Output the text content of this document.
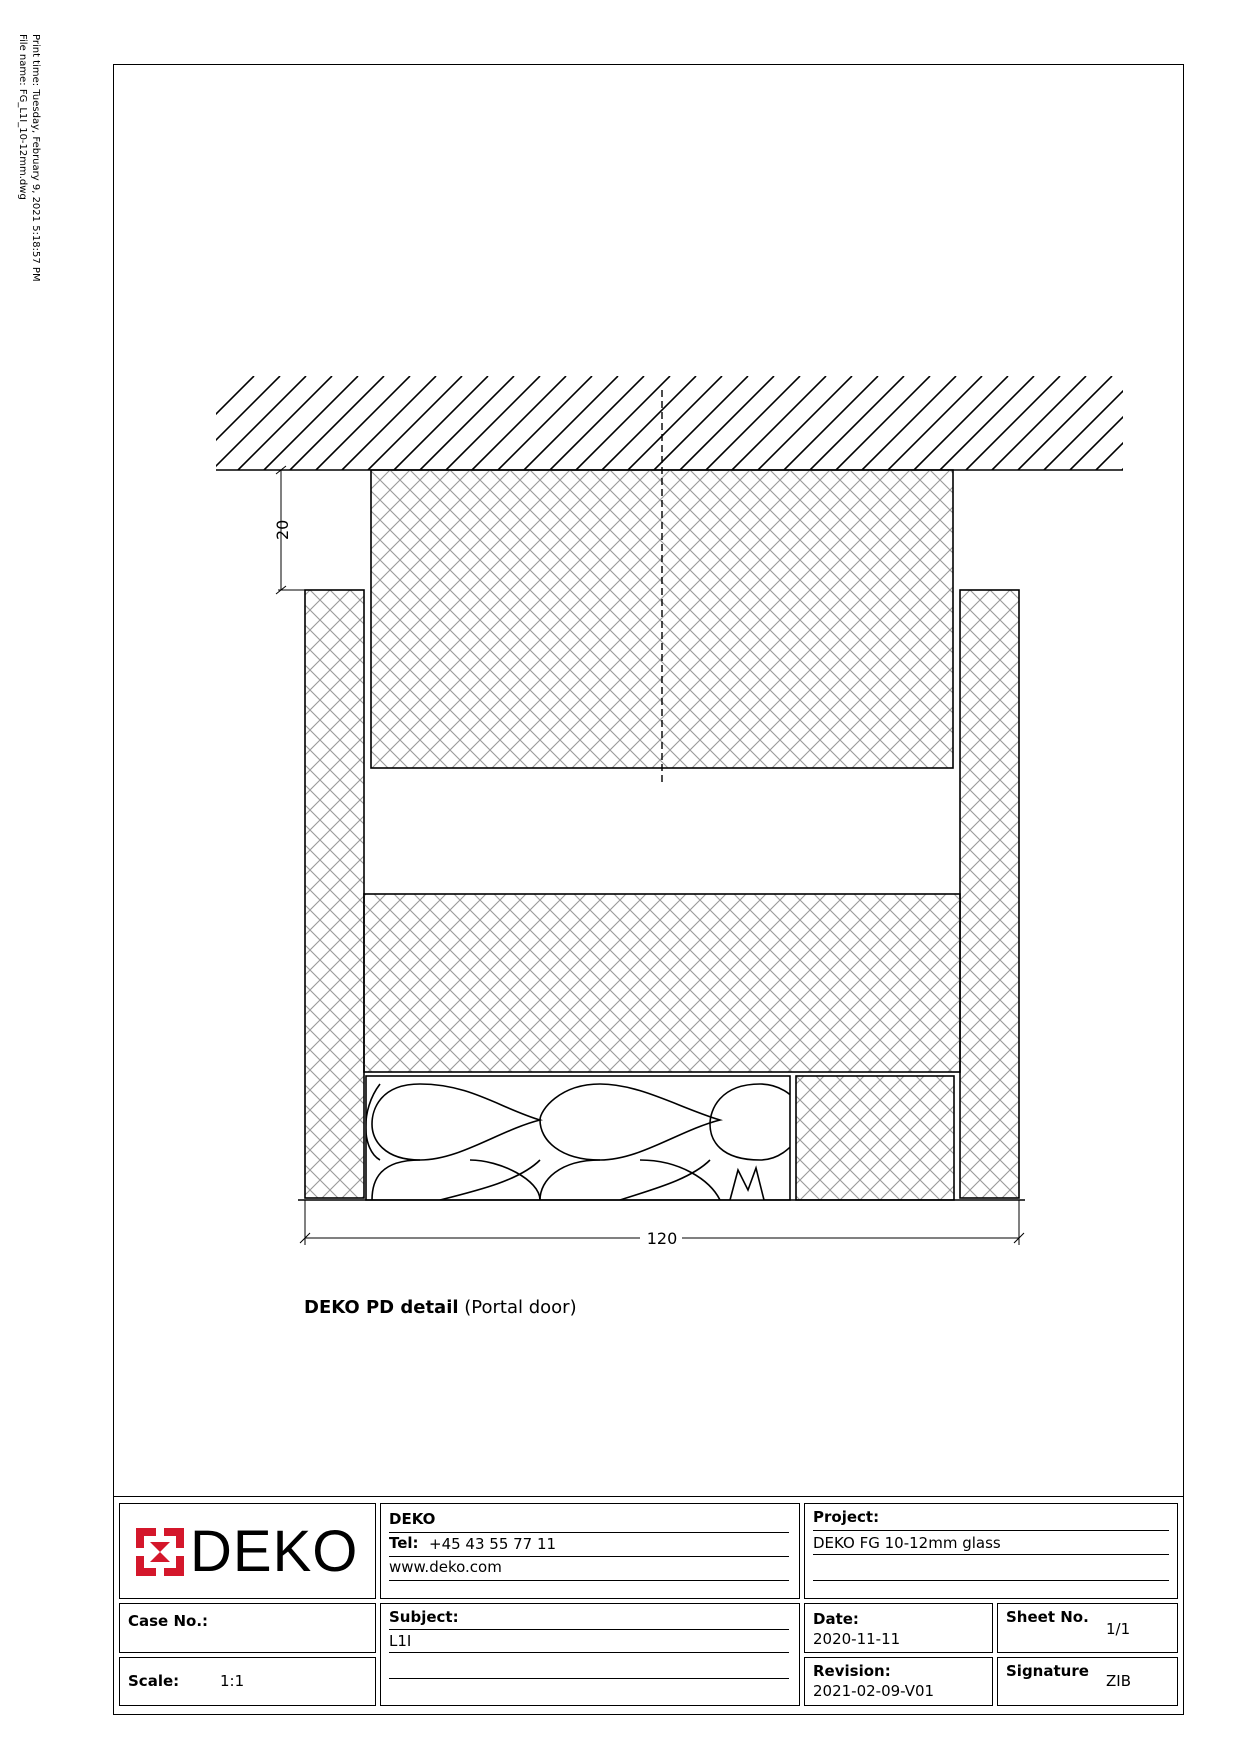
Print time: Tuesday, February 9, 2021 5:18:57 PM
File name: FG_L1I_10-12mm.dwg
20
120
DEKO PD detail (Portal door)
DEKO DEKO
Tel: +45 43 55 77 11
www.deko.com
Project:
DEKO FG 10-12mm glass
Case No.:	Subject:
L1I
Date:
2020-11-11
Sheet No.
1/1
Scale:	1:1
Revision:
2021-02-09-V01
Signature
ZIB
